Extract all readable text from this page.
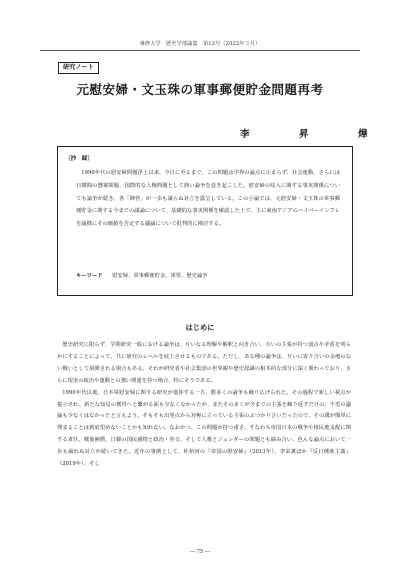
專修大学　歴史学部論集　第12号（2022年３月）
研究ノート
元慰安婦・文玉珠の軍事郵便貯金問題再考
李　昇　燁
〔抄　録〕

1990年代の慰安婦問題浮上以来、今日に至るまで、この問題は学界の論点に止まらず、社会運動、さらには日韓間の懸案問題、国際的な人権問題として熱い論争を巻き起こした。慰安婦の収入に関する事実関係についても論争が続き、各「陣営」が一歩も譲らぬ対立を露呈している。この小論では、元慰安婦・文玉珠の軍事郵便貯金に関する今までの議論について、基礎的な事実関係を確認した上で、主に東南アジアのハイパーインフレを論拠にその価値を否定する議論について批判的に検討する。

キーワード 慰安婦、軍事郵便貯金、軍票、歴史論争
はじめに

歴史研究に限らず、学問研究一般における論争は、互いなる理解や解釈と向き合い、互いの主張が持つ弱点や矛盾を明らかにすることによって、共に研究のレベルを底上させるものである。ただし、ある種の論争は、互いに寄り合いの余地のない戦いとして展開される場合もある。それが研究者や社会集団の世界観や歴史認識の根本的な部分に深く関わっており、さらに現実の政治や運動との強い関連を持つ場合、特にそうである。

1990年代以後、日本軍慰安婦に関する研究が進捗する一方、数多くの論争も繰り広げられた。その過程で新しい視点が提示され、新たな知見の獲得へと繋がる面も少なくなかったが、またその多くが今までの主張を繰り返すだけの、不毛の議論も少なくはなかったと言えよう。そもそも出発点から対極に立っている主張のぶつかり合いだったので、その溝が簡単に埋まることは到底望めないことかも知れない。なおかつ、この問題が持つ重さ、すなわち帝国日本の戦争や植民地支配に関する責任、戦後補償、日韓の国民感情と政治・外交、そして人権とジェンダーの問題とも絡み合い、色んな論点において一歩も譲れぬ対立が続いてきた。近年の事例として、朴裕河の『帝国の慰安婦』（2013年）、李栄薫ほか『反日種族主義』（2019年）、そし

― 75 ―
